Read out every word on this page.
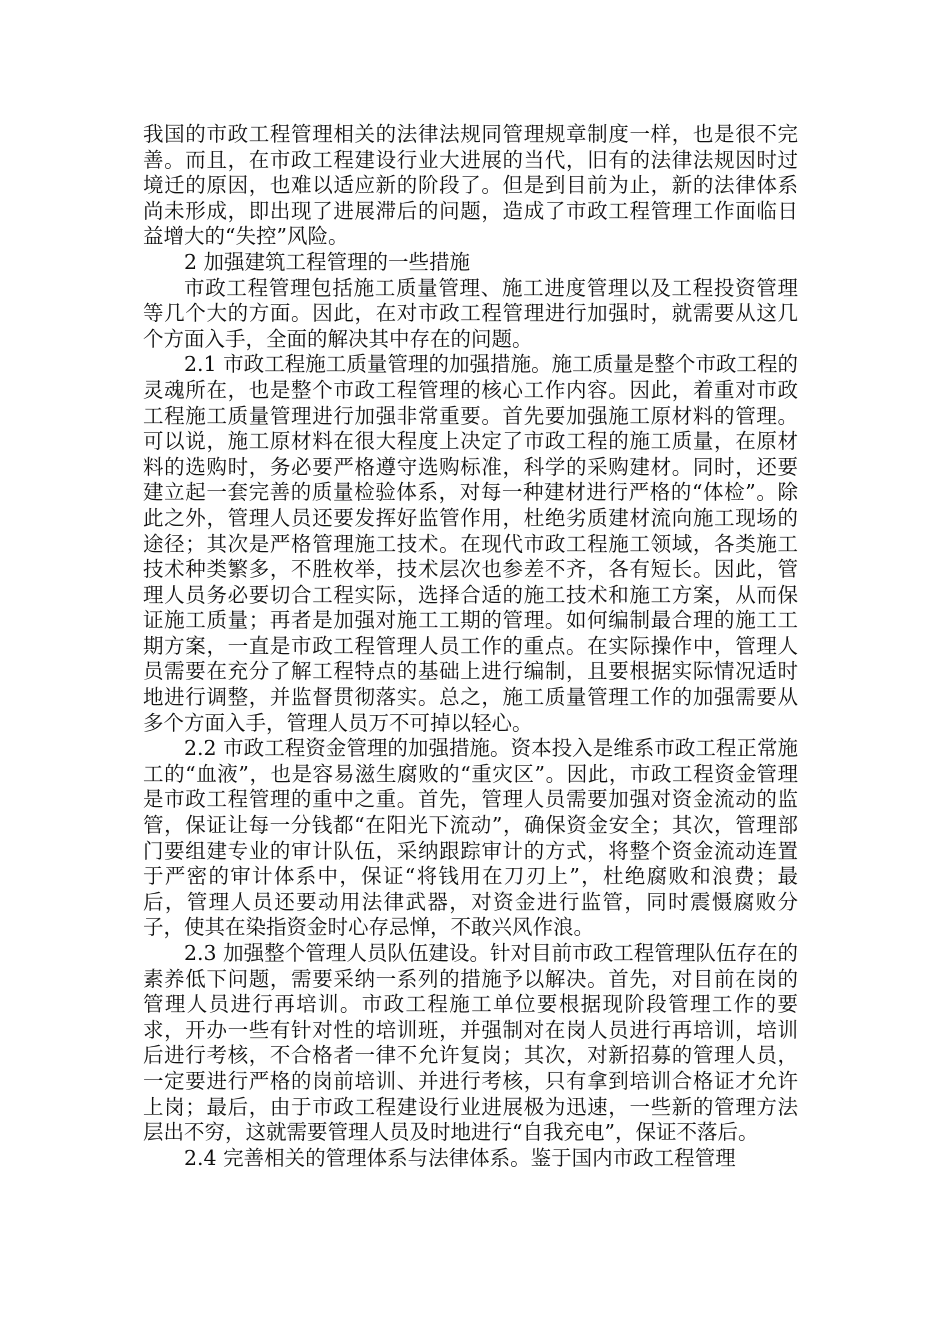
我国的市政工程管理相关的法律法规同管理规章制度一样，也是很不完善。而且，在市政工程建设行业大进展的当代，旧有的法律法规因时过境迁的原因，也难以适应新的阶段了。但是到目前为止，新的法律体系尚未形成，即出现了进展滞后的问题，造成了市政工程管理工作面临日益增大的“失控”风险。

2 加强建筑工程管理的一些措施

市政工程管理包括施工质量管理、施工进度管理以及工程投资管理等几个大的方面。因此，在对市政工程管理进行加强时，就需要从这几个方面入手，全面的解决其中存在的问题。

2.1 市政工程施工质量管理的加强措施。施工质量是整个市政工程的灵魂所在，也是整个市政工程管理的核心工作内容。因此，着重对市政工程施工质量管理进行加强非常重要。首先要加强施工原材料的管理。可以说，施工原材料在很大程度上决定了市政工程的施工质量，在原材料的选购时，务必要严格遵守选购标准，科学的采购建材。同时，还要建立起一套完善的质量检验体系，对每一种建材进行严格的“体检”。除此之外，管理人员还要发挥好监管作用，杜绝劣质建材流向施工现场的途径；其次是严格管理施工技术。在现代市政工程施工领域，各类施工技术种类繁多，不胜枚举，技术层次也参差不齐，各有短长。因此，管理人员务必要切合工程实际，选择合适的施工技术和施工方案，从而保证施工质量；再者是加强对施工工期的管理。如何编制最合理的施工工期方案，一直是市政工程管理人员工作的重点。在实际操作中，管理人员需要在充分了解工程特点的基础上进行编制，且要根据实际情况适时地进行调整，并监督贯彻落实。总之，施工质量管理工作的加强需要从多个方面入手，管理人员万不可掉以轻心。

2.2 市政工程资金管理的加强措施。资本投入是维系市政工程正常施工的“血液”，也是容易滋生腐败的“重灾区”。因此，市政工程资金管理是市政工程管理的重中之重。首先，管理人员需要加强对资金流动的监管，保证让每一分钱都“在阳光下流动”，确保资金安全；其次，管理部门要组建专业的审计队伍，采纳跟踪审计的方式，将整个资金流动连置于严密的审计体系中，保证“将钱用在刀刃上”，杜绝腐败和浪费；最后，管理人员还要动用法律武器，对资金进行监管，同时震慑腐败分子，使其在染指资金时心存忌惮，不敢兴风作浪。

2.3 加强整个管理人员队伍建设。针对目前市政工程管理队伍存在的素养低下问题，需要采纳一系列的措施予以解决。首先，对目前在岗的管理人员进行再培训。市政工程施工单位要根据现阶段管理工作的要求，开办一些有针对性的培训班，并强制对在岗人员进行再培训，培训后进行考核，不合格者一律不允许复岗；其次，对新招募的管理人员，一定要进行严格的岗前培训、并进行考核，只有拿到培训合格证才允许上岗；最后，由于市政工程建设行业进展极为迅速，一些新的管理方法层出不穷，这就需要管理人员及时地进行“自我充电”，保证不落后。

2.4 完善相关的管理体系与法律体系。鉴于国内市政工程管理
